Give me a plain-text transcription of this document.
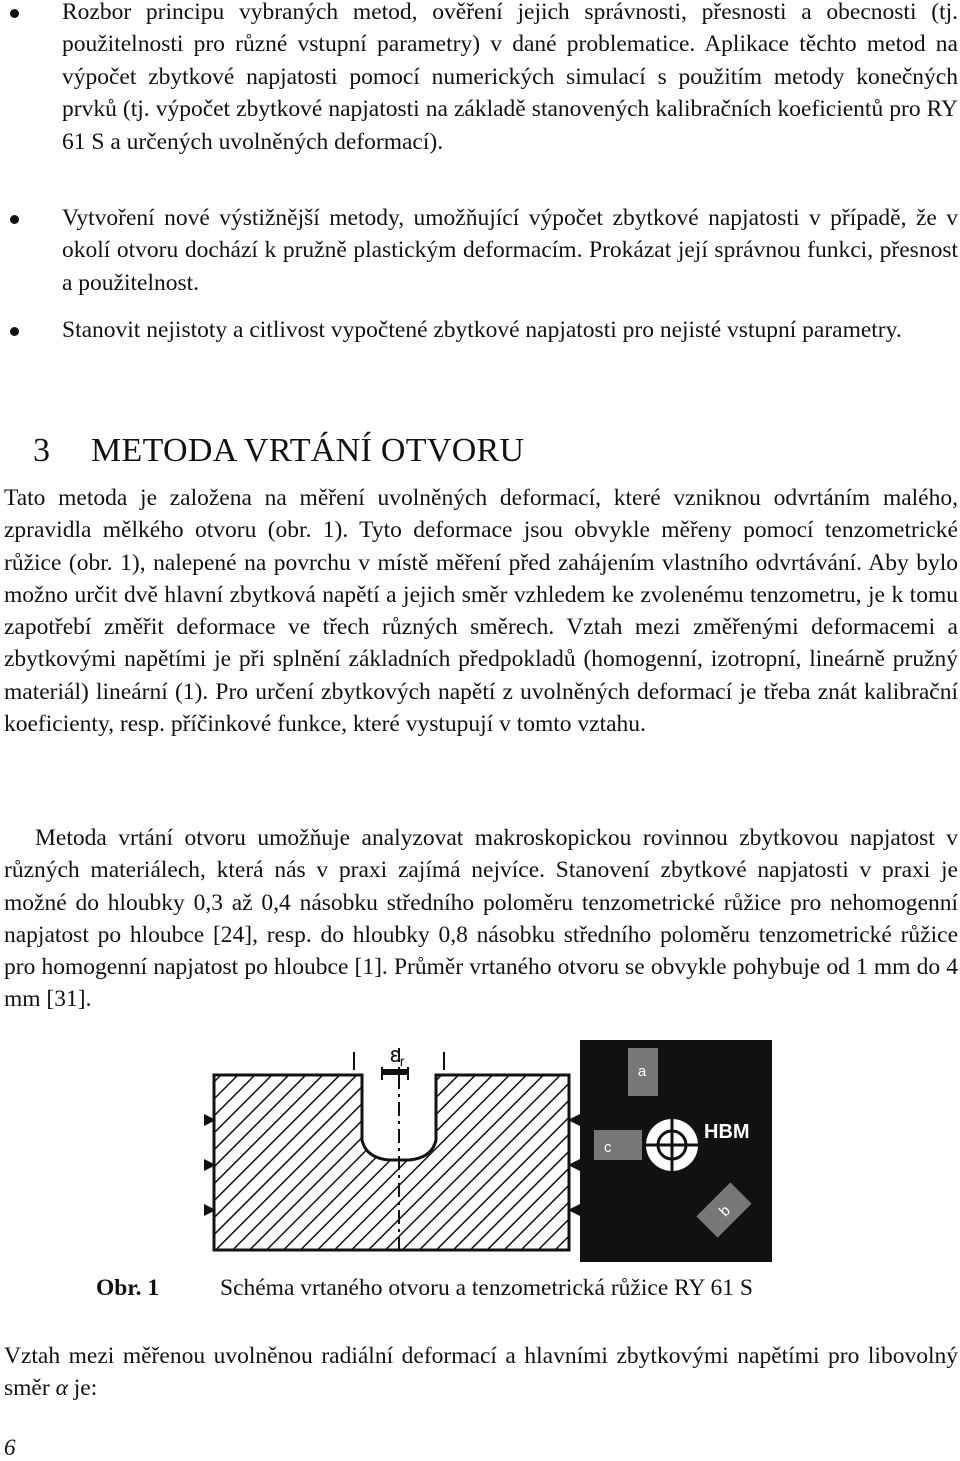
Rozbor principu vybraných metod, ověření jejich správnosti, přesnosti a obecnosti (tj. použitelnosti pro různé vstupní parametry) v dané problematice. Aplikace těchto metod na výpočet zbytkové napjatosti pomocí numerických simulací s použitím metody konečných prvků (tj. výpočet zbytkové napjatosti na základě stanovených kalibračních koeficientů pro RY 61 S a určených uvolněných deformací).
Vytvoření nové výstižnější metody, umožňující výpočet zbytkové napjatosti v případě, že v okolí otvoru dochází k pružně plastickým deformacím. Prokázat její správnou funkci, přesnost a použitelnost.
Stanovit nejistoty a citlivost vypočtené zbytkové napjatosti pro nejisté vstupní parametry.
3 METODA VRTÁNÍ OTVORU

Tato metoda je založena na měření uvolněných deformací, které vzniknou odvrtáním malého, zpravidla mělkého otvoru (obr. 1). Tyto deformace jsou obvykle měřeny pomocí tenzometrické růžice (obr. 1), nalepené na povrchu v místě měření před zahájením vlastního odvrtávání. Aby bylo možno určit dvě hlavní zbytková napětí a jejich směr vzhledem ke zvolenému tenzometru, je k tomu zapotřebí změřit deformace ve třech různých směrech. Vztah mezi změřenými deformacemi a zbytkovými napětími je při splnění základních předpokladů (homogenní, izotropní, lineárně pružný materiál) lineární (1). Pro určení zbytkových napětí z uvolněných deformací je třeba znát kalibrační koeficienty, resp. příčinkové funkce, které vystupují v tomto vztahu.

Metoda vrtání otvoru umožňuje analyzovat makroskopickou rovinnou zbytkovou napjatost v různých materiálech, která nás v praxi zajímá nejvíce. Stanovení zbytkové napjatosti v praxi je možné do hloubky 0,3 až 0,4 násobku středního poloměru tenzometrické růžice pro nehomogenní napjatost po hloubce [24], resp. do hloubky 0,8 násobku středního poloměru tenzometrické růžice pro homogenní napjatost po hloubce [1]. Průměr vrtaného otvoru se obvykle pohybuje od 1 mm do 4 mm [31].

εr
a
c
b
HBM
Obr. 1	Schéma vrtaného otvoru a tenzometrická růžice RY 61 S

Vztah mezi měřenou uvolněnou radiální deformací a hlavními zbytkovými napětími pro libovolný směr α je:

6
